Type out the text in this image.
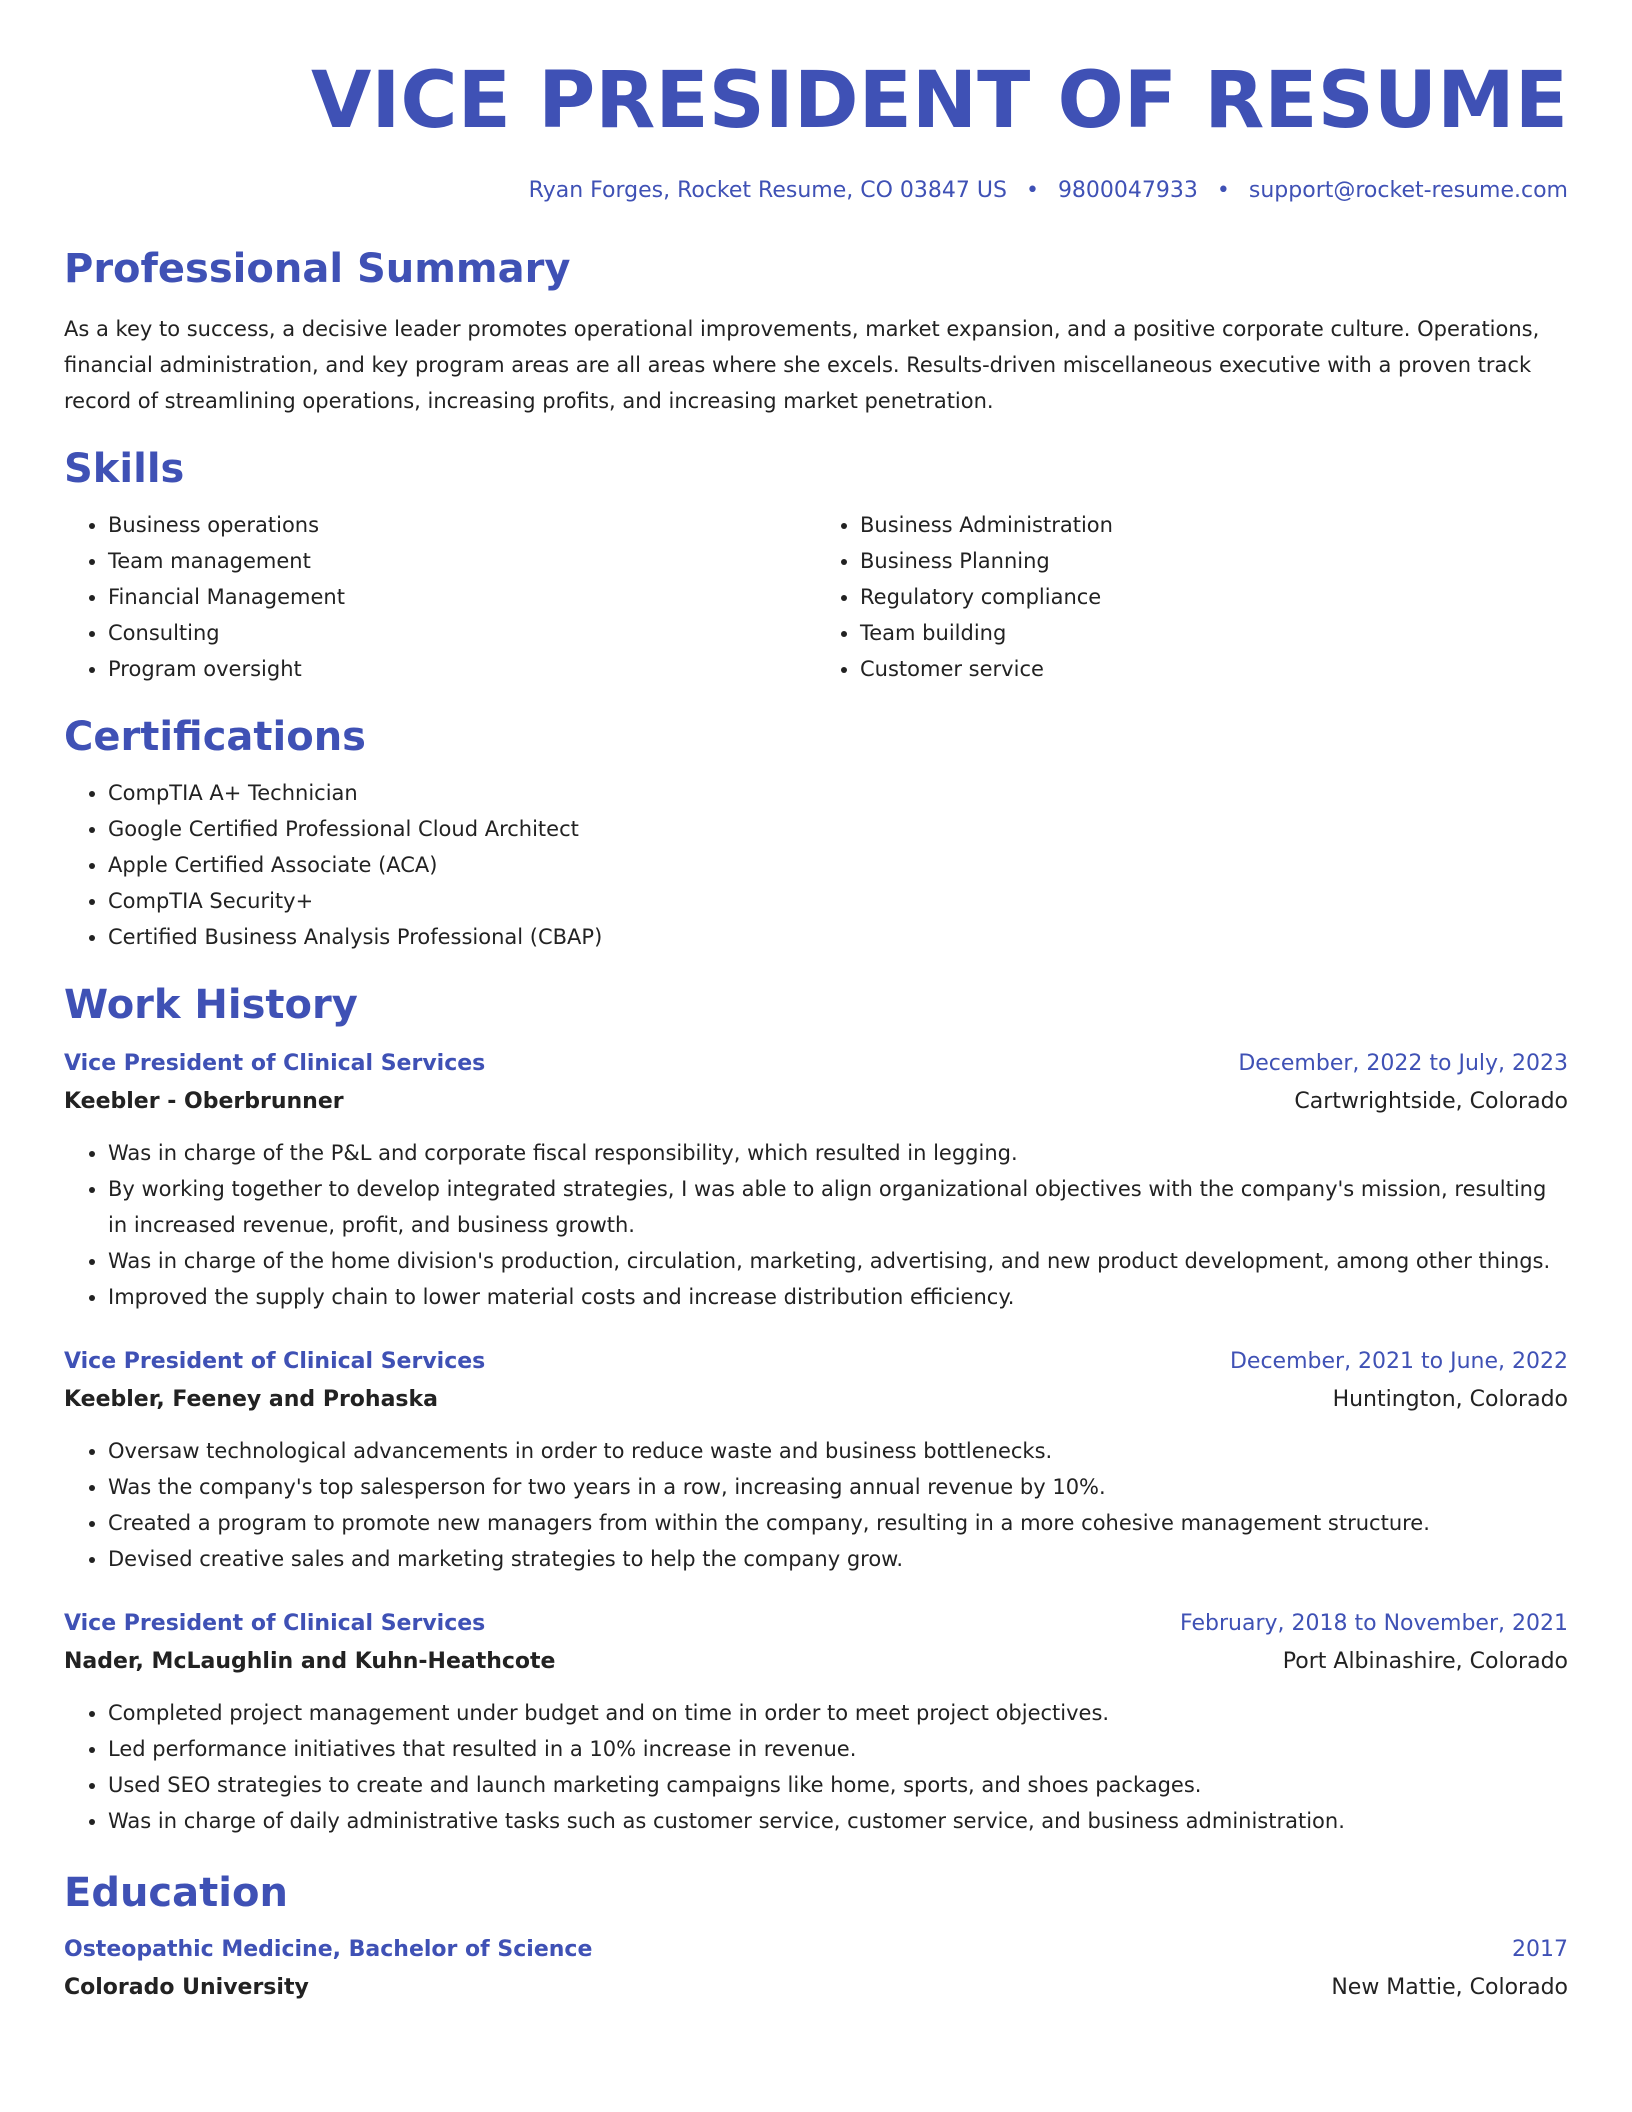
VICE PRESIDENT OF RESUME
Ryan Forges, Rocket Resume, CO 03847 US • 9800047933 • support@rocket-resume.com
Professional Summary
As a key to success, a decisive leader promotes operational improvements, market expansion, and a positive corporate culture. Operations, financial administration, and key program areas are all areas where she excels. Results-driven miscellaneous executive with a proven track record of streamlining operations, increasing profits, and increasing market penetration.
Skills
• Business operations
• Team management
• Financial Management
• Consulting
• Program oversight
• Business Administration
• Business Planning
• Regulatory compliance
• Team building
• Customer service
Certifications
• CompTIA A+ Technician
• Google Certified Professional Cloud Architect
• Apple Certified Associate (ACA)
• CompTIA Security+
• Certified Business Analysis Professional (CBAP)
Work History
Vice President of Clinical Services	December, 2022 to July, 2023
Keebler - Oberbrunner	Cartwrightside, Colorado
• Was in charge of the P&L and corporate fiscal responsibility, which resulted in legging.
• By working together to develop integrated strategies, I was able to align organizational objectives with the company's mission, resulting in increased revenue, profit, and business growth.
• Was in charge of the home division's production, circulation, marketing, advertising, and new product development, among other things.
• Improved the supply chain to lower material costs and increase distribution efficiency.
Vice President of Clinical Services	December, 2021 to June, 2022
Keebler, Feeney and Prohaska	Huntington, Colorado
• Oversaw technological advancements in order to reduce waste and business bottlenecks.
• Was the company's top salesperson for two years in a row, increasing annual revenue by 10%.
• Created a program to promote new managers from within the company, resulting in a more cohesive management structure.
• Devised creative sales and marketing strategies to help the company grow.
Vice President of Clinical Services	February, 2018 to November, 2021
Nader, McLaughlin and Kuhn-Heathcote	Port Albinashire, Colorado
• Completed project management under budget and on time in order to meet project objectives.
• Led performance initiatives that resulted in a 10% increase in revenue.
• Used SEO strategies to create and launch marketing campaigns like home, sports, and shoes packages.
• Was in charge of daily administrative tasks such as customer service, customer service, and business administration.
Education
Osteopathic Medicine, Bachelor of Science	2017
Colorado University	New Mattie, Colorado
